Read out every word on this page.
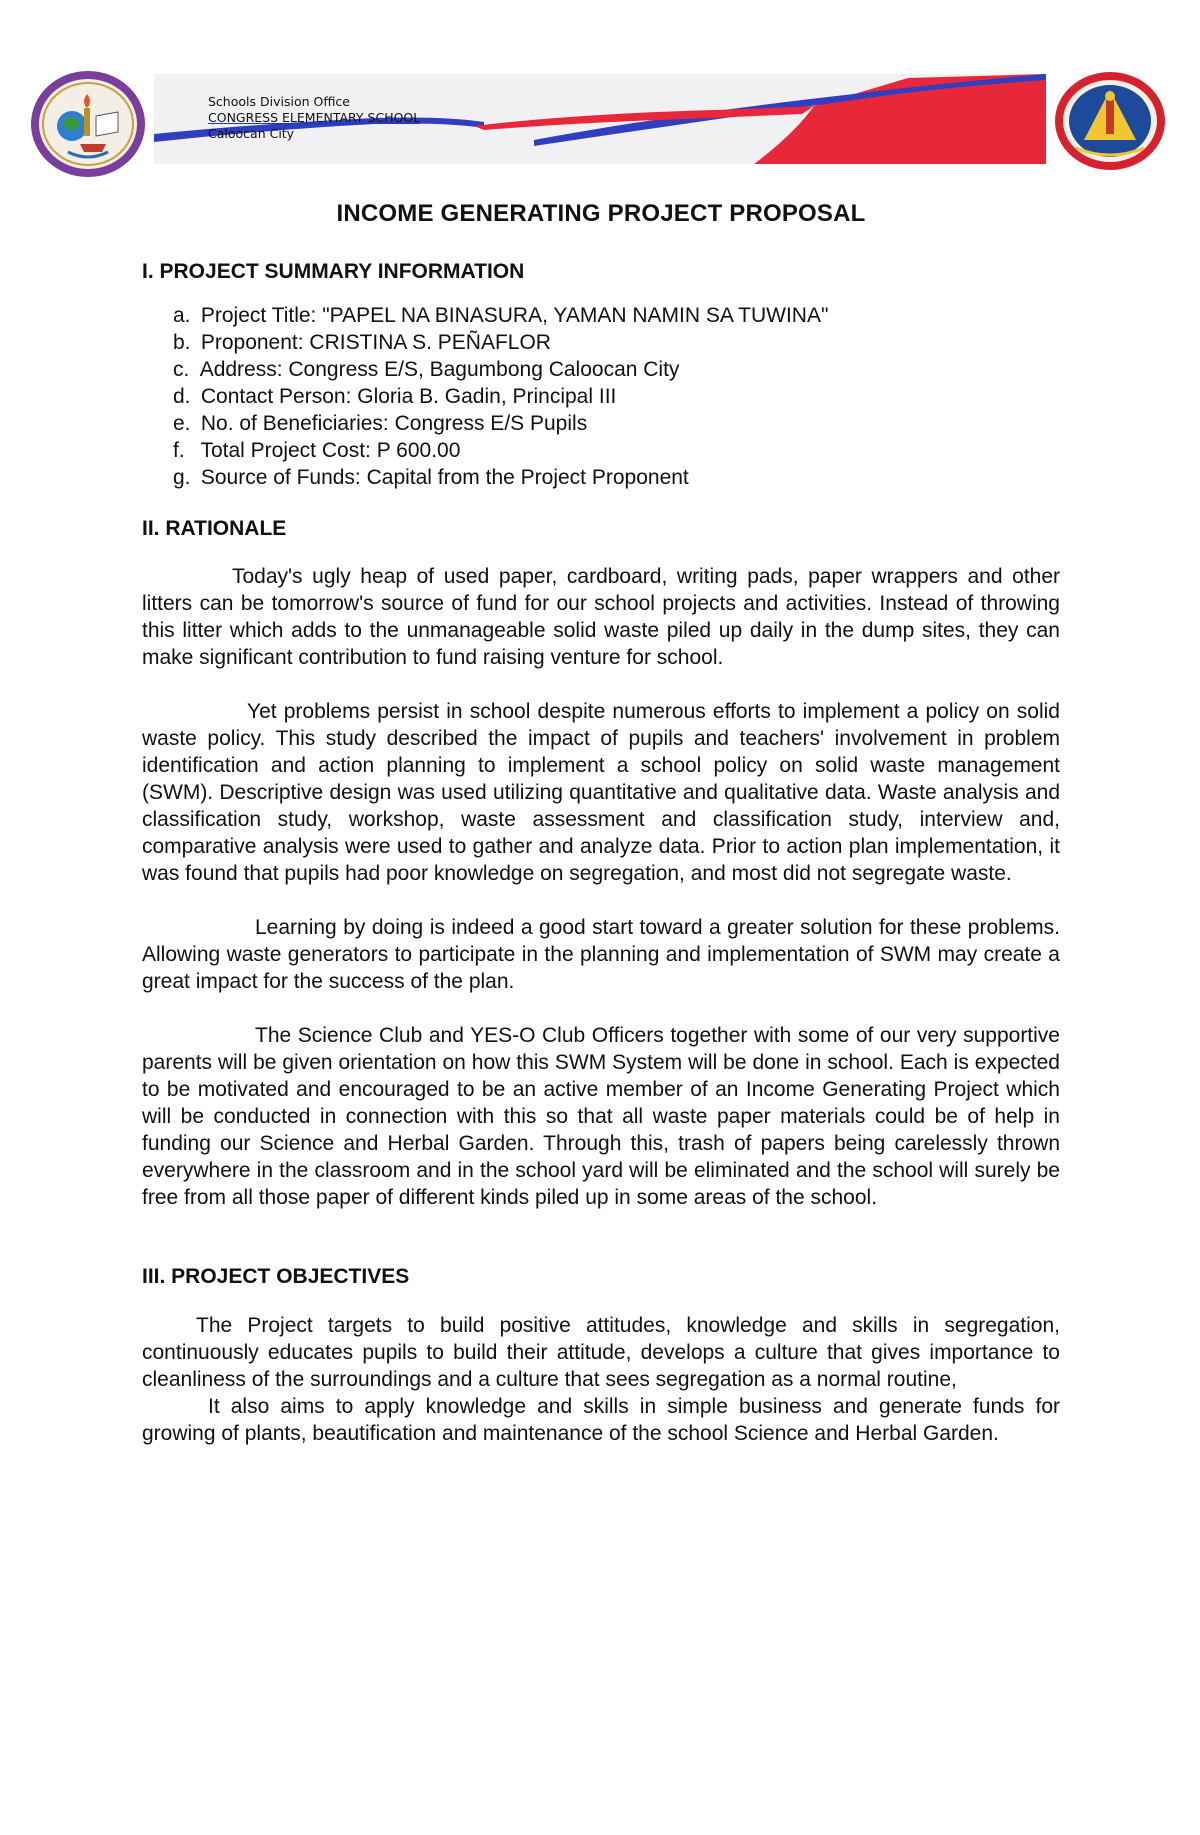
Schools Division Office
CONGRESS ELEMENTARY SCHOOL
Caloocan City
INCOME GENERATING PROJECT PROPOSAL
I. PROJECT SUMMARY INFORMATION
a. Project Title: "PAPEL NA BINASURA, YAMAN NAMIN SA TUWINA"
b. Proponent: CRISTINA S. PEÑAFLOR
c. Address: Congress E/S, Bagumbong Caloocan City
d. Contact Person: Gloria B. Gadin, Principal III
e. No. of Beneficiaries: Congress E/S Pupils
f. Total Project Cost: P 600.00
g. Source of Funds: Capital from the Project Proponent
II. RATIONALE

Today's ugly heap of used paper, cardboard, writing pads, paper wrappers and other litters can be tomorrow's source of fund for our school projects and activities. Instead of throwing this litter which adds to the unmanageable solid waste piled up daily in the dump sites, they can make significant contribution to fund raising venture for school.

Yet problems persist in school despite numerous efforts to implement a policy on solid waste policy. This study described the impact of pupils and teachers' involvement in problem identification and action planning to implement a school policy on solid waste management (SWM). Descriptive design was used utilizing quantitative and qualitative data. Waste analysis and classification study, workshop, waste assessment and classification study, interview and, comparative analysis were used to gather and analyze data. Prior to action plan implementation, it was found that pupils had poor knowledge on segregation, and most did not segregate waste.

Learning by doing is indeed a good start toward a greater solution for these problems. Allowing waste generators to participate in the planning and implementation of SWM may create a great impact for the success of the plan.

The Science Club and YES-O Club Officers together with some of our very supportive parents will be given orientation on how this SWM System will be done in school. Each is expected to be motivated and encouraged to be an active member of an Income Generating Project which will be conducted in connection with this so that all waste paper materials could be of help in funding our Science and Herbal Garden. Through this, trash of papers being carelessly thrown everywhere in the classroom and in the school yard will be eliminated and the school will surely be free from all those paper of different kinds piled up in some areas of the school.

III. PROJECT OBJECTIVES

The Project targets to build positive attitudes, knowledge and skills in segregation, continuously educates pupils to build their attitude, develops a culture that gives importance to cleanliness of the surroundings and a culture that sees segregation as a normal routine,

It also aims to apply knowledge and skills in simple business and generate funds for growing of plants, beautification and maintenance of the school Science and Herbal Garden.
